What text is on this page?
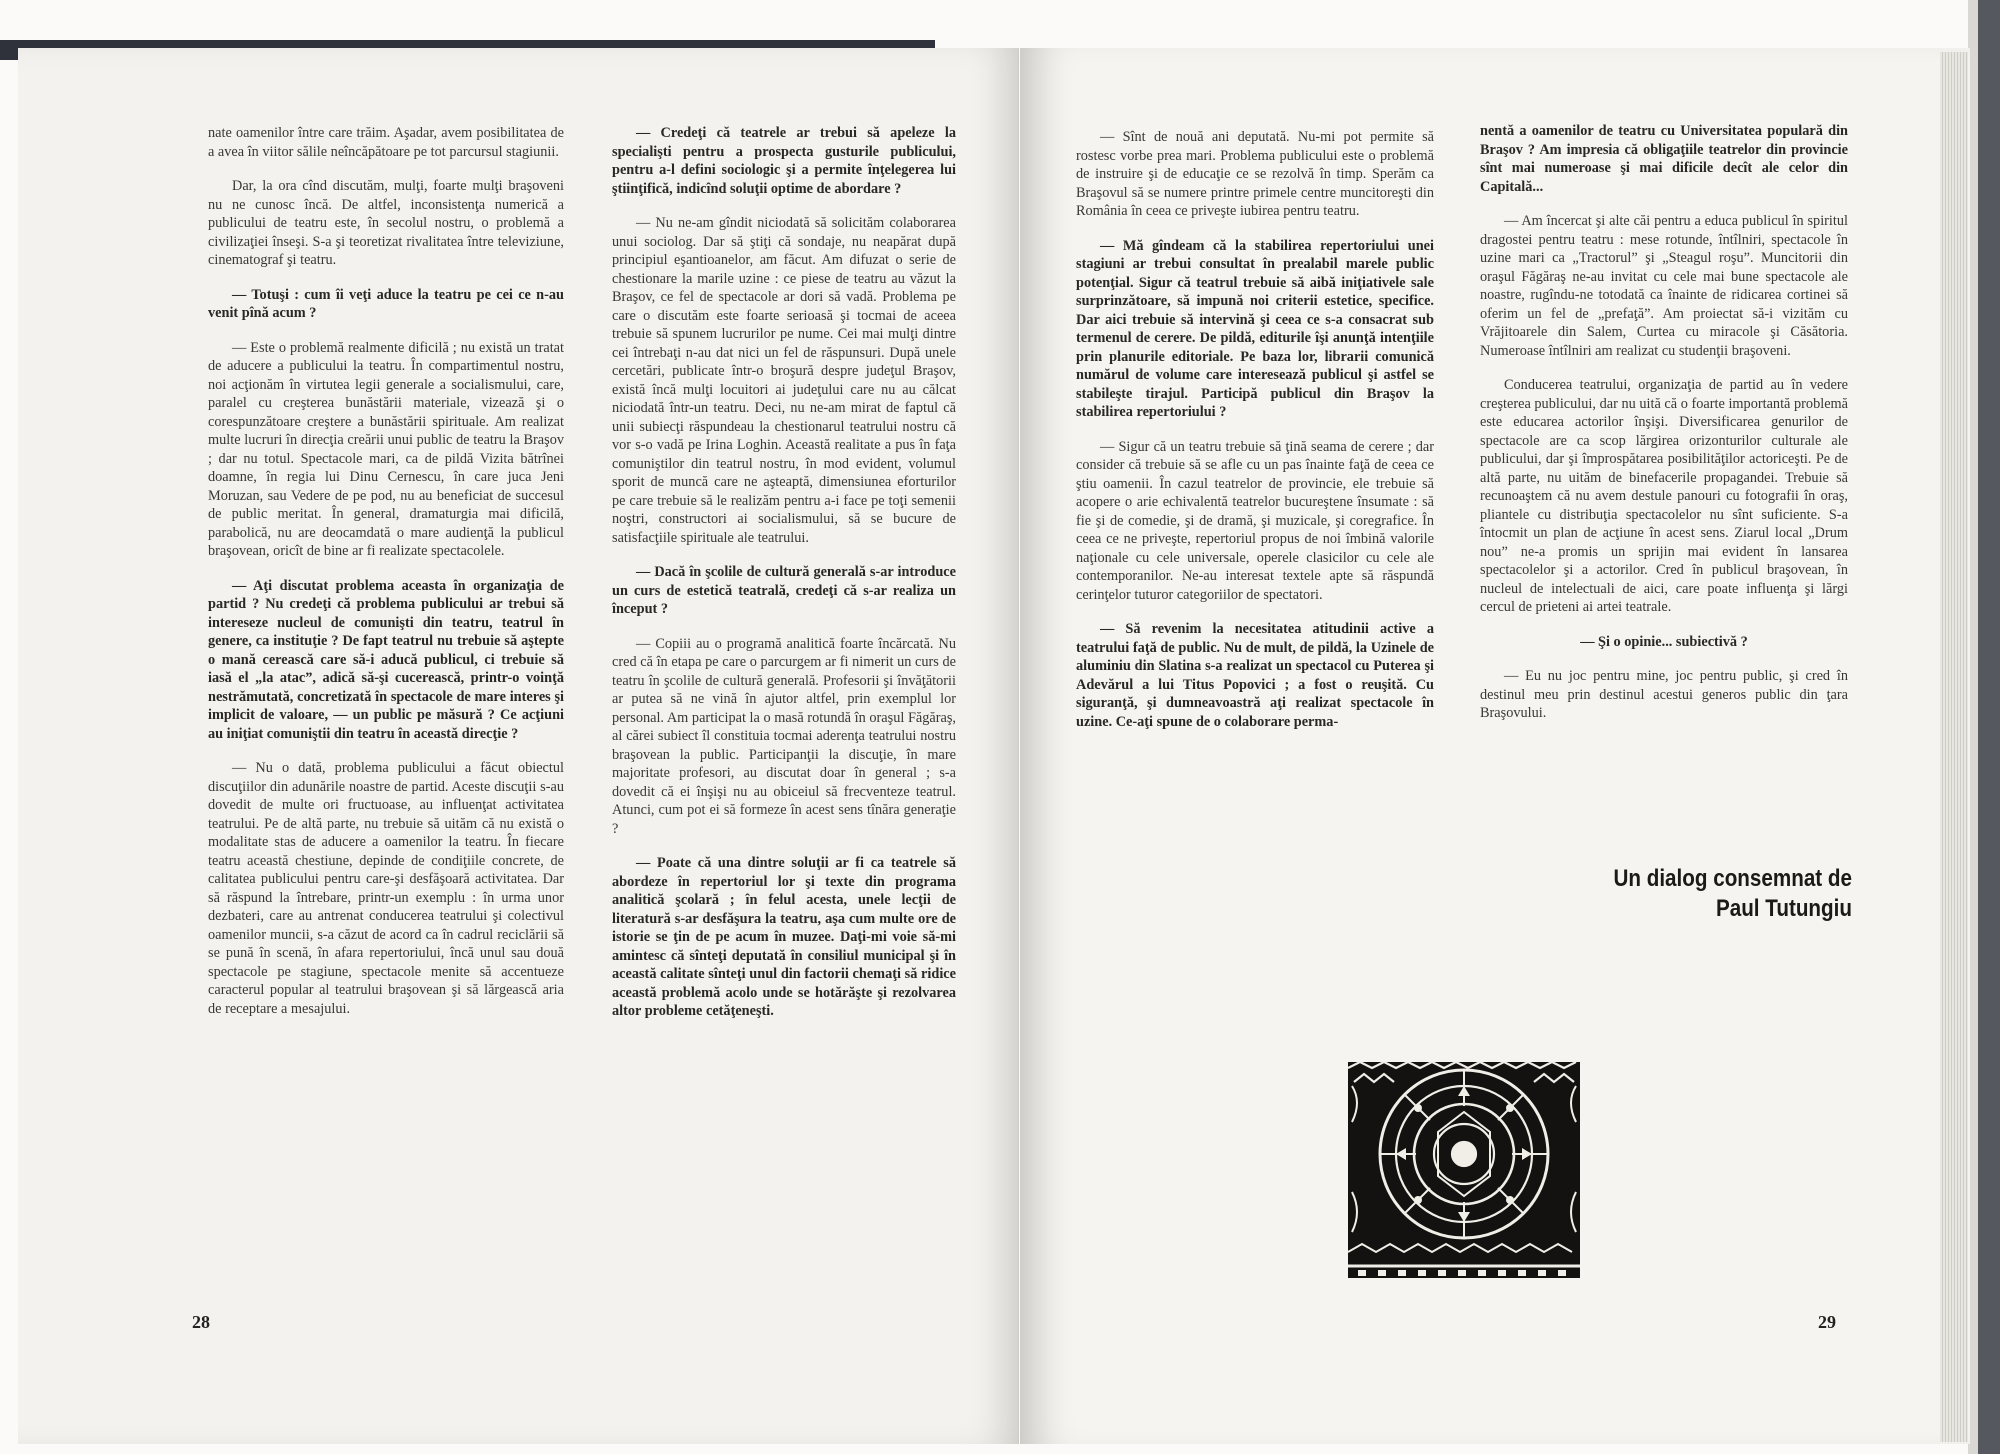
nate oamenilor între care trăim. Aşadar, avem posibilitatea de a avea în viitor sălile neîncăpătoare pe tot parcursul stagiunii.

Dar, la ora cînd discutăm, mulţi, foarte mulţi braşoveni nu ne cunosc încă. De altfel, inconsistenţa numerică a publicului de teatru este, în secolul nostru, o problemă a civilizaţiei înseşi. S-a şi teoretizat rivalitatea între televiziune, cinematograf şi teatru.

— Totuşi : cum îi veţi aduce la teatru pe cei ce n-au venit pînă acum ?

— Este o problemă realmente dificilă ; nu există un tratat de aducere a publicului la teatru. În compartimentul nostru, noi acţionăm în virtutea legii generale a socialismului, care, paralel cu creşterea bunăstării materiale, vizează şi o corespunzătoare creştere a bunăstării spirituale. Am realizat multe lucruri în direcţia creării unui public de teatru la Braşov ; dar nu totul. Spectacole mari, ca de pildă Vizita bătrînei doamne, în regia lui Dinu Cernescu, în care juca Jeni Moruzan, sau Vedere de pe pod, nu au beneficiat de succesul de public meritat. În general, dramaturgia mai dificilă, parabolică, nu are deocamdată o mare audienţă la publicul braşovean, oricît de bine ar fi realizate spectacolele.

— Aţi discutat problema aceasta în organizaţia de partid ? Nu credeţi că problema publicului ar trebui să intereseze nucleul de comunişti din teatru, teatrul în genere, ca instituţie ? De fapt teatrul nu trebuie să aştepte o mană cerească care să-i aducă publicul, ci trebuie să iasă el „la atac”, adică să-şi cucerească, printr-o voinţă nestrămutată, concretizată în spectacole de mare interes şi implicit de valoare, — un public pe măsură ? Ce acţiuni au iniţiat comuniştii din teatru în această direcţie ?

— Nu o dată, problema publicului a făcut obiectul discuţiilor din adunările noastre de partid. Aceste discuţii s-au dovedit de multe ori fructuoase, au influenţat activitatea teatrului. Pe de altă parte, nu trebuie să uităm că nu există o modalitate stas de aducere a oamenilor la teatru. În fiecare teatru această chestiune, depinde de condiţiile concrete, de calitatea publicului pentru care-şi desfăşoară activitatea. Dar să răspund la întrebare, printr-un exemplu : în urma unor dezbateri, care au antrenat conducerea teatrului şi colectivul oamenilor muncii, s-a căzut de acord ca în cadrul reciclării să se pună în scenă, în afara repertoriului, încă unul sau două spectacole pe stagiune, spectacole menite să accentueze caracterul popular al teatrului braşovean şi să lărgească aria de receptare a mesajului.

— Credeţi că teatrele ar trebui să apeleze la specialişti pentru a prospecta gusturile publicului, pentru a-l defini sociologic şi a permite înţelegerea lui ştiinţifică, indicînd soluţii optime de abordare ?

— Nu ne-am gîndit niciodată să solicităm colaborarea unui sociolog. Dar să ştiţi că sondaje, nu neapărat după principiul eşantioanelor, am făcut. Am difuzat o serie de chestionare la marile uzine : ce piese de teatru au văzut la Braşov, ce fel de spectacole ar dori să vadă. Problema pe care o discutăm este foarte serioasă şi tocmai de aceea trebuie să spunem lucrurilor pe nume. Cei mai mulţi dintre cei întrebaţi n-au dat nici un fel de răspunsuri. După unele cercetări, publicate într-o broşură despre judeţul Braşov, există încă mulţi locuitori ai judeţului care nu au călcat niciodată într-un teatru. Deci, nu ne-am mirat de faptul că unii subiecţi răspundeau la chestionarul teatrului nostru că vor s-o vadă pe Irina Loghin. Această realitate a pus în faţa comuniştilor din teatrul nostru, în mod evident, volumul sporit de muncă care ne aşteaptă, dimensiunea eforturilor pe care trebuie să le realizăm pentru a-i face pe toţi semenii noştri, constructori ai socialismului, să se bucure de satisfacţiile spirituale ale teatrului.

— Dacă în şcolile de cultură generală s-ar introduce un curs de estetică teatrală, credeţi că s-ar realiza un început ?

— Copiii au o programă analitică foarte încărcată. Nu cred că în etapa pe care o parcurgem ar fi nimerit un curs de teatru în şcolile de cultură generală. Profesorii şi învăţătorii ar putea să ne vină în ajutor altfel, prin exemplul lor personal. Am participat la o masă rotundă în oraşul Făgăraş, al cărei subiect îl constituia tocmai aderenţa teatrului nostru braşovean la public. Participanţii la discuţie, în mare majoritate profesori, au discutat doar în general ; s-a dovedit că ei înşişi nu au obiceiul să frecventeze teatrul. Atunci, cum pot ei să formeze în acest sens tînăra generaţie ?

— Poate că una dintre soluţii ar fi ca teatrele să abordeze în repertoriul lor şi texte din programa analitică şcolară ; în felul acesta, unele lecţii de literatură s-ar desfăşura la teatru, aşa cum multe ore de istorie se ţin de pe acum în muzee. Daţi-mi voie să-mi amintesc că sînteţi deputată în consiliul municipal şi în această calitate sînteţi unul din factorii chemaţi să ridice această problemă acolo unde se hotărăşte şi rezolvarea altor probleme cetăţeneşti.

— Sînt de nouă ani deputată. Nu-mi pot permite să rostesc vorbe prea mari. Problema publicului este o problemă de instruire şi de educaţie ce se rezolvă în timp. Sperăm ca Braşovul să se numere printre primele centre muncitoreşti din România în ceea ce priveşte iubirea pentru teatru.

— Mă gîndeam că la stabilirea repertoriului unei stagiuni ar trebui consultat în prealabil marele public potenţial. Sigur că teatrul trebuie să aibă iniţiativele sale surprinzătoare, să impună noi criterii estetice, specifice. Dar aici trebuie să intervină şi ceea ce s-a consacrat sub termenul de cerere. De pildă, editurile îşi anunţă intenţiile prin planurile editoriale. Pe baza lor, librarii comunică numărul de volume care interesează publicul şi astfel se stabileşte tirajul. Participă publicul din Braşov la stabilirea repertoriului ?

— Sigur că un teatru trebuie să ţină seama de cerere ; dar consider că trebuie să se afle cu un pas înainte faţă de ceea ce ştiu oamenii. În cazul teatrelor de provincie, ele trebuie să acopere o arie echivalentă teatrelor bucureştene însumate : să fie şi de comedie, şi de dramă, şi muzicale, şi coregrafice. În ceea ce ne priveşte, repertoriul propus de noi îmbină valorile naţionale cu cele universale, operele clasicilor cu cele ale contemporanilor. Ne-au interesat textele apte să răspundă cerinţelor tuturor categoriilor de spectatori.

— Să revenim la necesitatea atitudinii active a teatrului faţă de public. Nu de mult, de pildă, la Uzinele de aluminiu din Slatina s-a realizat un spectacol cu Puterea şi Adevărul a lui Titus Popovici ; a fost o reuşită. Cu siguranţă, şi dumneavoastră aţi realizat spectacole în uzine. Ce-aţi spune de o colaborare perma-

nentă a oamenilor de teatru cu Universitatea populară din Braşov ? Am impresia că obligaţiile teatrelor din provincie sînt mai numeroase şi mai dificile decît ale celor din Capitală...

— Am încercat şi alte căi pentru a educa publicul în spiritul dragostei pentru teatru : mese rotunde, întîlniri, spectacole în uzine mari ca „Tractorul” şi „Steagul roşu”. Muncitorii din oraşul Făgăraş ne-au invitat cu cele mai bune spectacole ale noastre, rugîndu-ne totodată ca înainte de ridicarea cortinei să oferim un fel de „prefaţă”. Am proiectat să-i vizităm cu Vrăjitoarele din Salem, Curtea cu miracole şi Căsătoria. Numeroase întîlniri am realizat cu studenţii braşoveni.

Conducerea teatrului, organizaţia de partid au în vedere creşterea publicului, dar nu uită că o foarte importantă problemă este educarea actorilor înşişi. Diversificarea genurilor de spectacole are ca scop lărgirea orizonturilor culturale ale publicului, dar şi împrospătarea posibilităţilor actoriceşti. Pe de altă parte, nu uităm de binefacerile propagandei. Trebuie să recunoaştem că nu avem destule panouri cu fotografii în oraş, pliantele cu distribuţia spectacolelor nu sînt suficiente. S-a întocmit un plan de acţiune în acest sens. Ziarul local „Drum nou” ne-a promis un sprijin mai evident în lansarea spectacolelor şi a actorilor. Cred în publicul braşovean, în nucleul de intelectuali de aici, care poate influenţa şi lărgi cercul de prieteni ai artei teatrale.

— Şi o opinie... subiectivă ?

— Eu nu joc pentru mine, joc pentru public, şi cred în destinul meu prin destinul acestui generos public din ţara Braşovului.

28	29
Un dialog consemnat de
Paul Tutungiu
